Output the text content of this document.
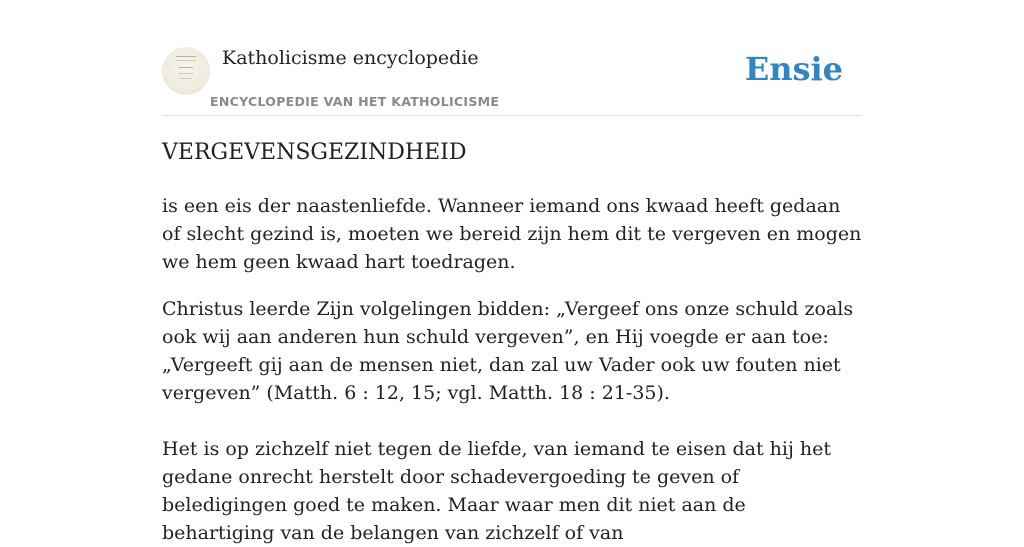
Katholicisme encyclopedie
ENCYCLOPEDIE VAN HET KATHOLICISME
Ensie
VERGEVENSGEZINDHEID

is een eis der naastenliefde. Wanneer iemand ons kwaad heeft gedaan of slecht gezind is, moeten we bereid zijn hem dit te vergeven en mogen we hem geen kwaad hart toedragen.

Christus leerde Zijn volgelingen bidden: „Vergeef ons onze schuld zoals ook wij aan anderen hun schuld vergeven”, en Hij voegde er aan toe: „Vergeeft gij aan de mensen niet, dan zal uw Vader ook uw fouten niet vergeven” (Matth. 6 : 12, 15; vgl. Matth. 18 : 21-35).

Het is op zichzelf niet tegen de liefde, van iemand te eisen dat hij het gedane onrecht herstelt door schadevergoeding te geven of beledigingen goed te maken. Maar waar men dit niet aan de behartiging van de belangen van zichzelf of van
